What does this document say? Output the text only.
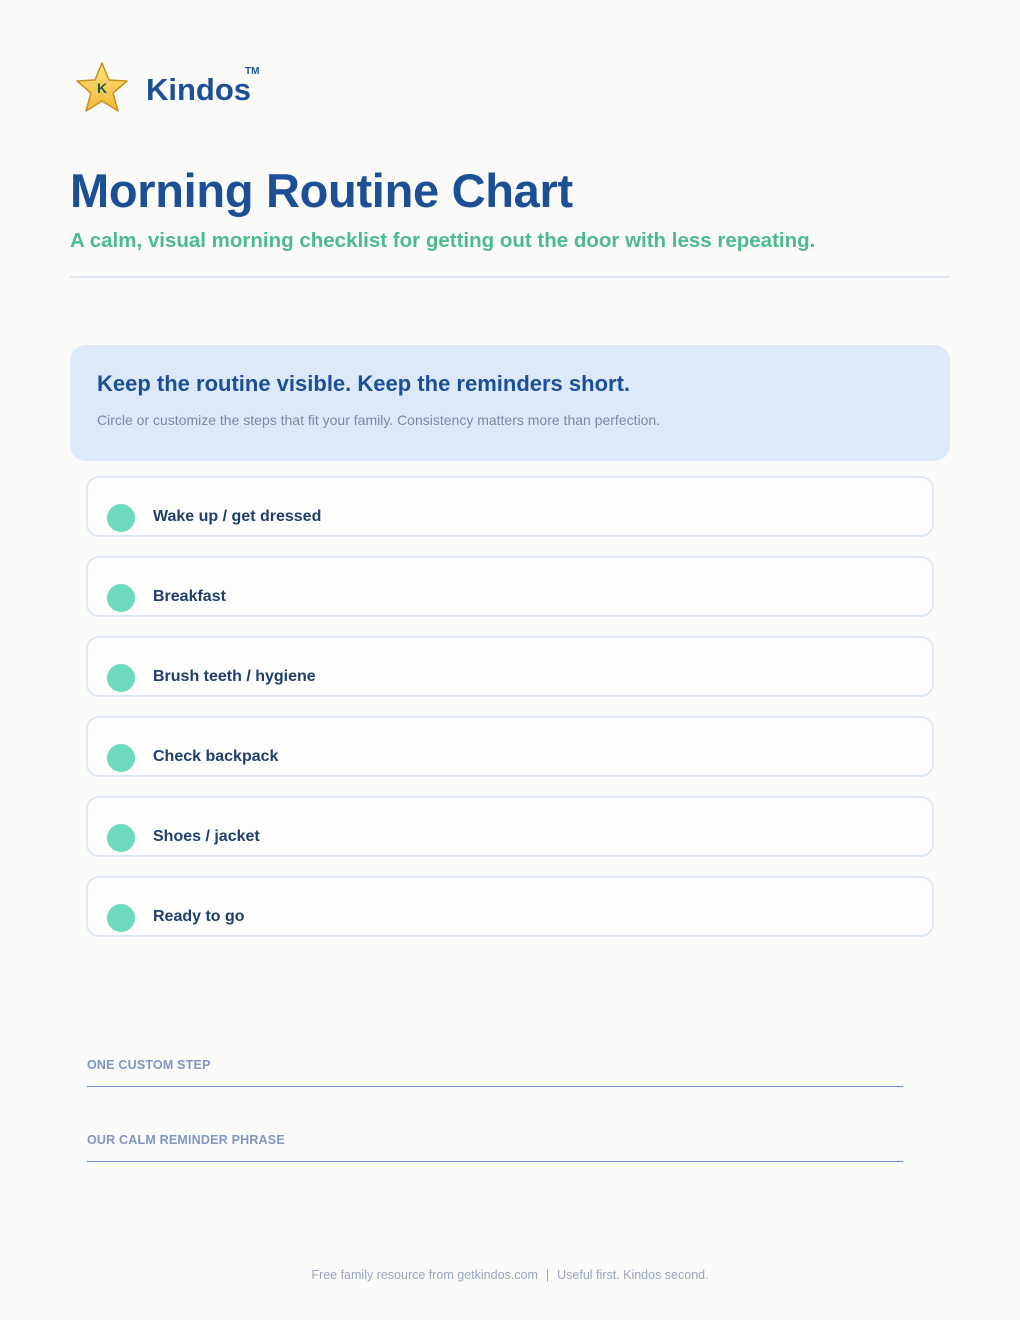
K	Kindos
TM
Morning Routine Chart

A calm, visual morning checklist for getting out the door with less repeating.

Keep the routine visible. Keep the reminders short.

Circle or customize the steps that fit your family. Consistency matters more than perfection.

Wake up / get dressed
Breakfast
Brush teeth / hygiene
Check backpack
Shoes / jacket
Ready to go
ONE CUSTOM STEP
OUR CALM REMINDER PHRASE
Free family resource from getkindos.com | Useful first. Kindos second.
